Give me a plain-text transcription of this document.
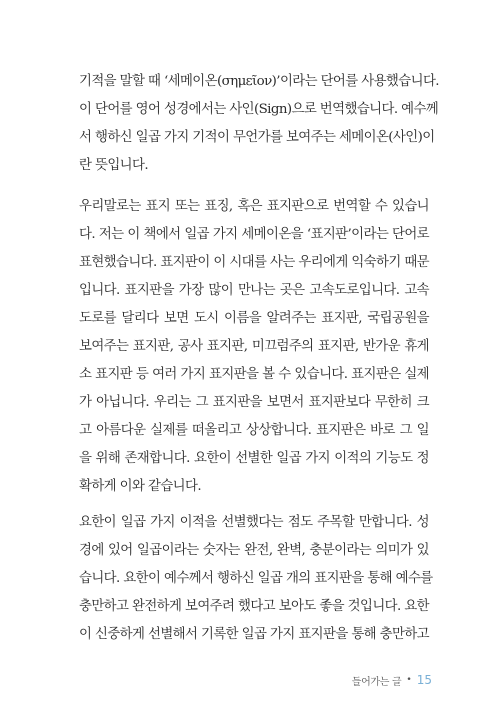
기적을 말할 때 ‘세메이온(σημεῖον)’이라는 단어를 사용했습니다.
이 단어를 영어 성경에서는 사인(Sign)으로 번역했습니다. 예수께
서 행하신 일곱 가지 기적이 무언가를 보여주는 세메이온(사인)이
란 뜻입니다.
우리말로는 표지 또는 표징, 혹은 표지판으로 번역할 수 있습니
다. 저는 이 책에서 일곱 가지 세메이온을 ‘표지판’이라는 단어로
표현했습니다. 표지판이 이 시대를 사는 우리에게 익숙하기 때문
입니다. 표지판을 가장 많이 만나는 곳은 고속도로입니다. 고속
도로를 달리다 보면 도시 이름을 알려주는 표지판, 국립공원을
보여주는 표지판, 공사 표지판, 미끄럼주의 표지판, 반가운 휴게
소 표지판 등 여러 가지 표지판을 볼 수 있습니다. 표지판은 실제
가 아닙니다. 우리는 그 표지판을 보면서 표지판보다 무한히 크
고 아름다운 실제를 떠올리고 상상합니다. 표지판은 바로 그 일
을 위해 존재합니다. 요한이 선별한 일곱 가지 이적의 기능도 정
확하게 이와 같습니다.
요한이 일곱 가지 이적을 선별했다는 점도 주목할 만합니다. 성
경에 있어 일곱이라는 숫자는 완전, 완벽, 충분이라는 의미가 있
습니다. 요한이 예수께서 행하신 일곱 개의 표지판을 통해 예수를
충만하고 완전하게 보여주려 했다고 보아도 좋을 것입니다. 요한
이 신중하게 선별해서 기록한 일곱 가지 표지판을 통해 충만하고
들어가는 글 • 15
